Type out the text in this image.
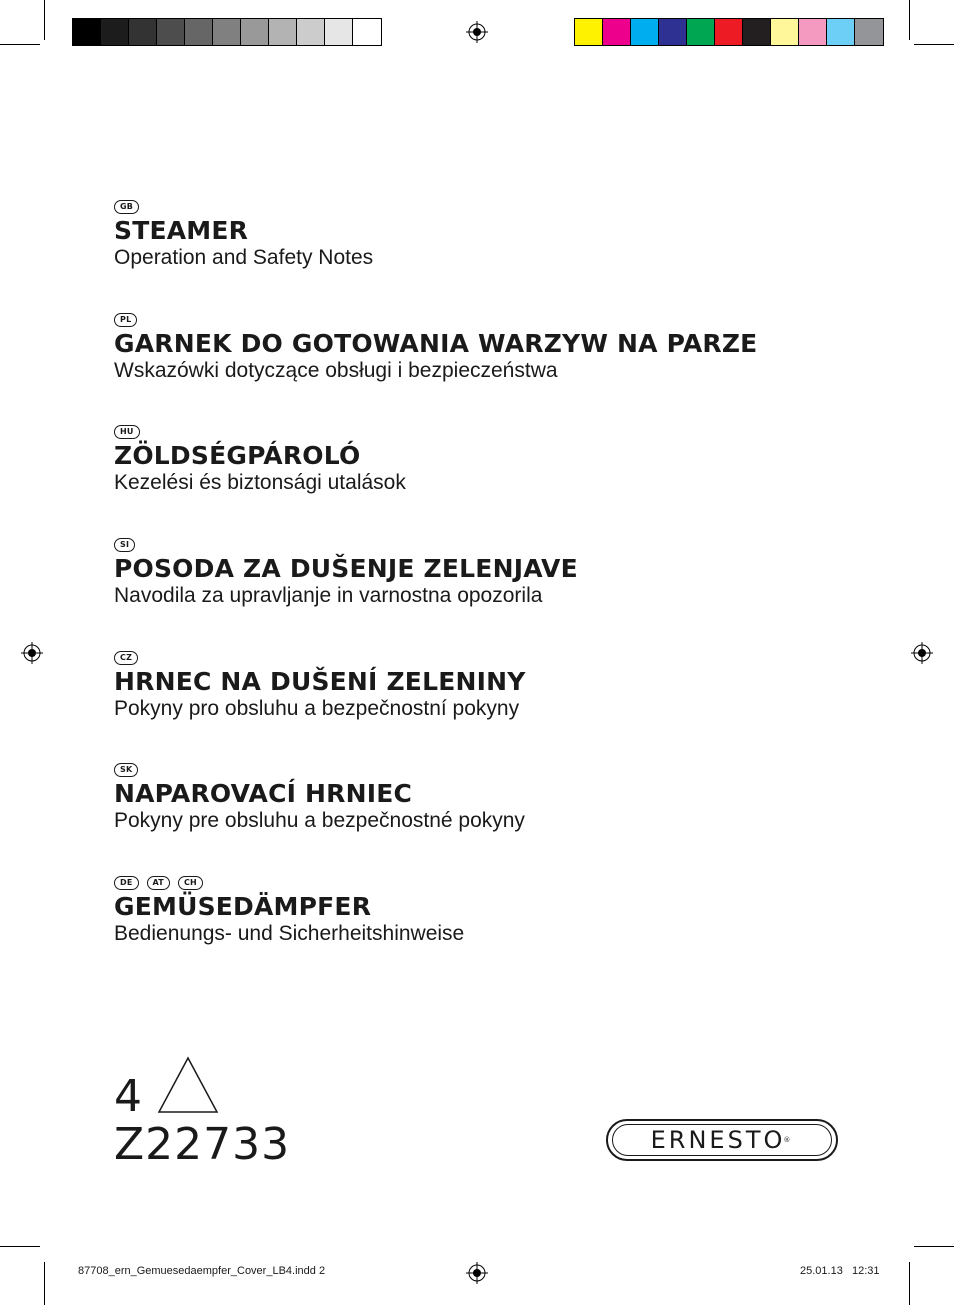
GB
STEAMER
Operation and Safety Notes
PL
GARNEK DO GOTOWANIA WARZYW NA PARZE
Wskazówki dotyczące obsługi i bezpieczeństwa
HU
ZÖLDSÉGPÁROLÓ
Kezelési és biztonsági utalások
SI
POSODA ZA DUŠENJE ZELENJAVE
Navodila za upravljanje in varnostna opozorila
CZ
HRNEC NA DUŠENÍ ZELENINY
Pokyny pro obsluhu a bezpečnostní pokyny
SK
NAPAROVACÍ HRNIEC
Pokyny pre obsluhu a bezpečnostné pokyny
DE	AT	CH
GEMÜSEDÄMPFER
Bedienungs- und Sicherheitshinweise
4
Z22733	ERNESTO
®
87708_ern_Gemuesedaempfer_Cover_LB4.indd 2	25.01.13 12:31
